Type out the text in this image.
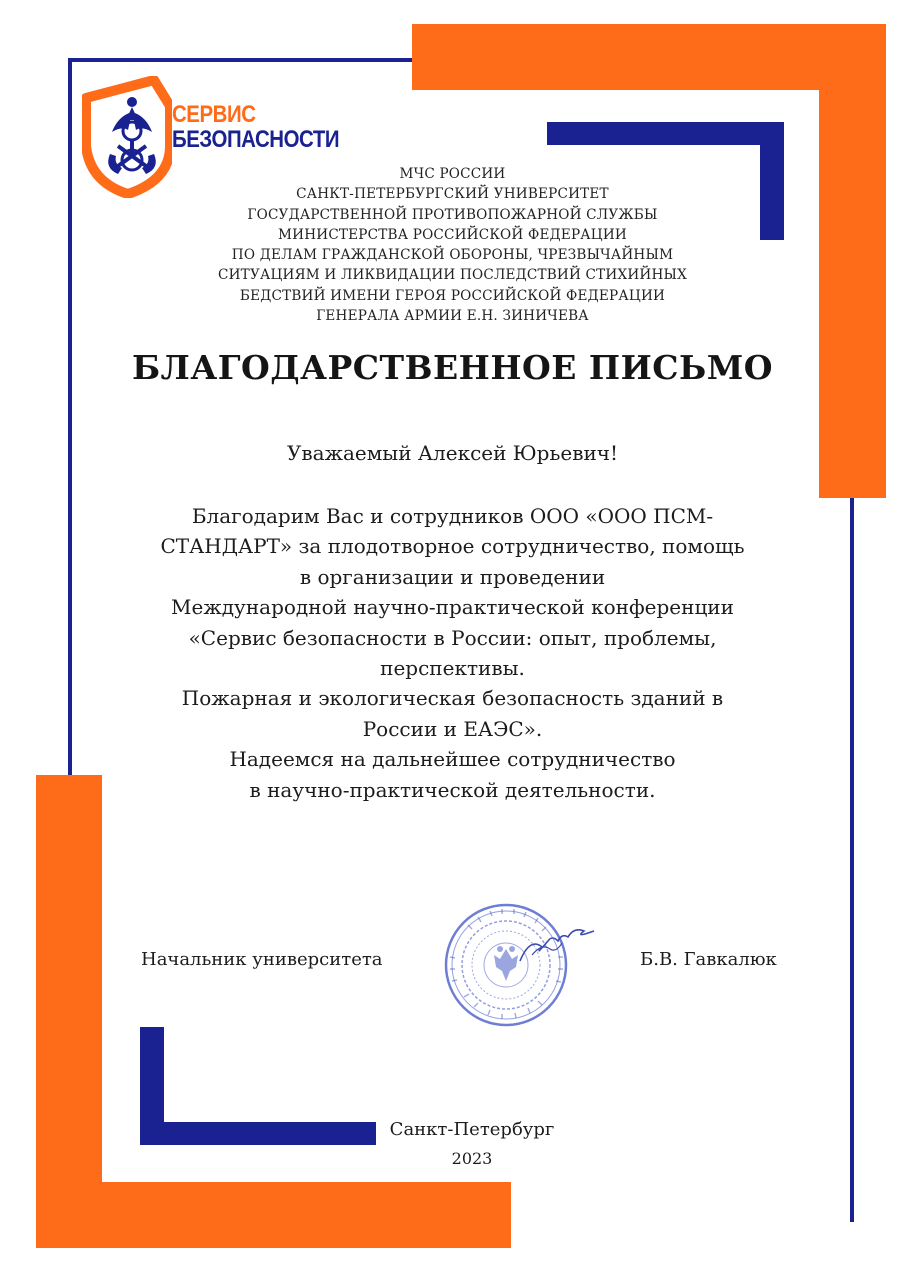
СЕРВИС
БЕЗОПАСНОСТИ
МЧС РОССИИ
САНКТ-ПЕТЕРБУРГСКИЙ УНИВЕРСИТЕТ
ГОСУДАРСТВЕННОЙ ПРОТИВОПОЖАРНОЙ СЛУЖБЫ
МИНИСТЕРСТВА РОССИЙСКОЙ ФЕДЕРАЦИИ
ПО ДЕЛАМ ГРАЖДАНСКОЙ ОБОРОНЫ, ЧРЕЗВЫЧАЙНЫМ
СИТУАЦИЯМ И ЛИКВИДАЦИИ ПОСЛЕДСТВИЙ СТИХИЙНЫХ
БЕДСТВИЙ ИМЕНИ ГЕРОЯ РОССИЙСКОЙ ФЕДЕРАЦИИ
ГЕНЕРАЛА АРМИИ Е.Н. ЗИНИЧЕВА
БЛАГОДАРСТВЕННОЕ ПИСЬМО
Уважаемый Алексей Юрьевич!
Благодарим Вас и сотрудников ООО «ООО ПСМ-
СТАНДАРТ» за плодотворное сотрудничество, помощь
в организации и проведении
Международной научно-практической конференции
«Сервис безопасности в России: опыт, проблемы,
перспективы.
Пожарная и экологическая безопасность зданий в
России и ЕАЭС».
Надеемся на дальнейшее сотрудничество
в научно-практической деятельности.
Начальник университета	Б.В. Гавкалюк
Санкт-Петербург
2023
